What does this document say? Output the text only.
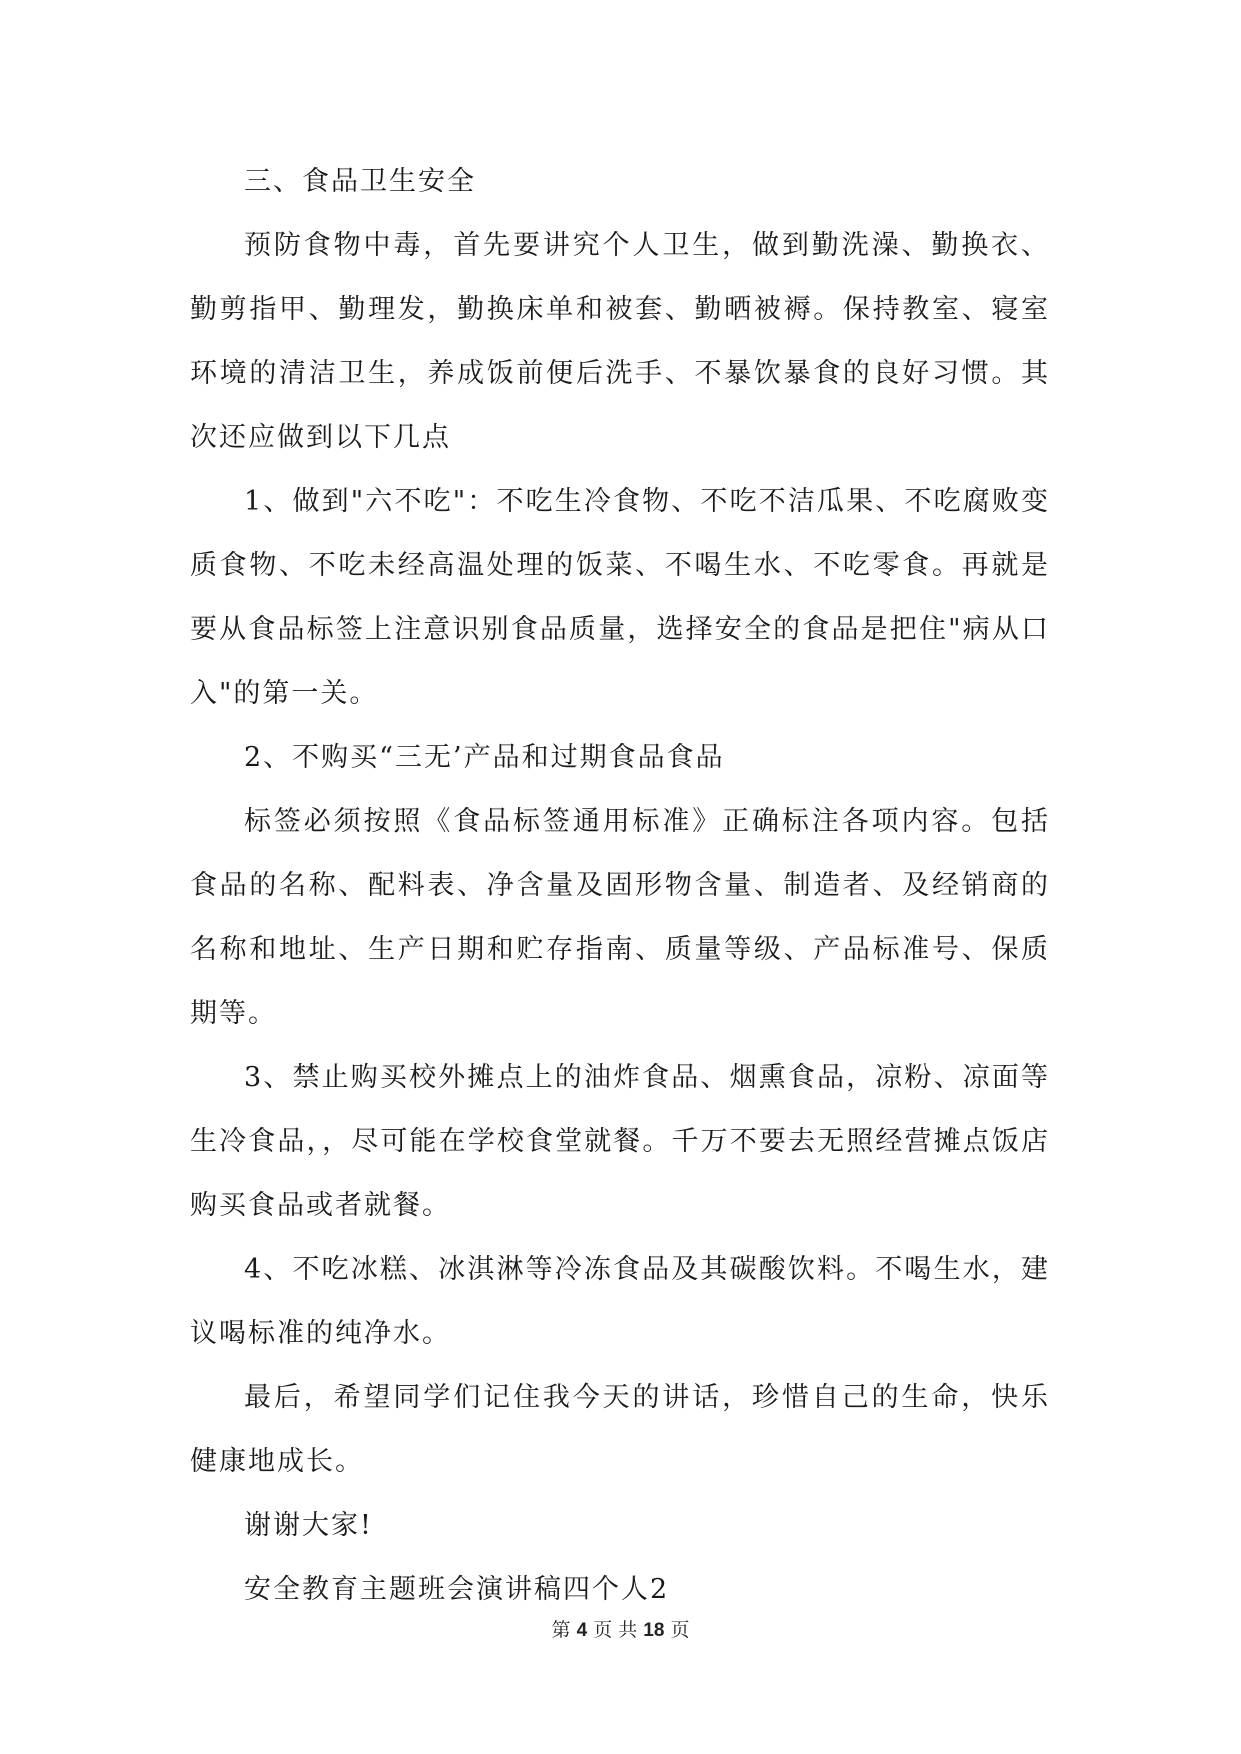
三、食品卫生安全

预防食物中毒，首先要讲究个人卫生，做到勤洗澡、勤换衣、勤剪指甲、勤理发，勤换床单和被套、勤晒被褥。保持教室、寝室环境的清洁卫生，养成饭前便后洗手、不暴饮暴食的良好习惯。其次还应做到以下几点

1、做到"六不吃"：不吃生冷食物、不吃不洁瓜果、不吃腐败变质食物、不吃未经高温处理的饭菜、不喝生水、不吃零食。再就是要从食品标签上注意识别食品质量，选择安全的食品是把住"病从口入"的第一关。

2、不购买“三无’产品和过期食品食品

标签必须按照《食品标签通用标准》正确标注各项内容。包括食品的名称、配料表、净含量及固形物含量、制造者、及经销商的名称和地址、生产日期和贮存指南、质量等级、产品标准号、保质期等。

3、禁止购买校外摊点上的油炸食品、烟熏食品，凉粉、凉面等生冷食品，，尽可能在学校食堂就餐。千万不要去无照经营摊点饭店购买食品或者就餐。

4、不吃冰糕、冰淇淋等冷冻食品及其碳酸饮料。不喝生水，建议喝标准的纯净水。

最后，希望同学们记住我今天的讲话，珍惜自己的生命，快乐健康地成长。

谢谢大家!

安全教育主题班会演讲稿四个人2

第 4 页 共 18 页
